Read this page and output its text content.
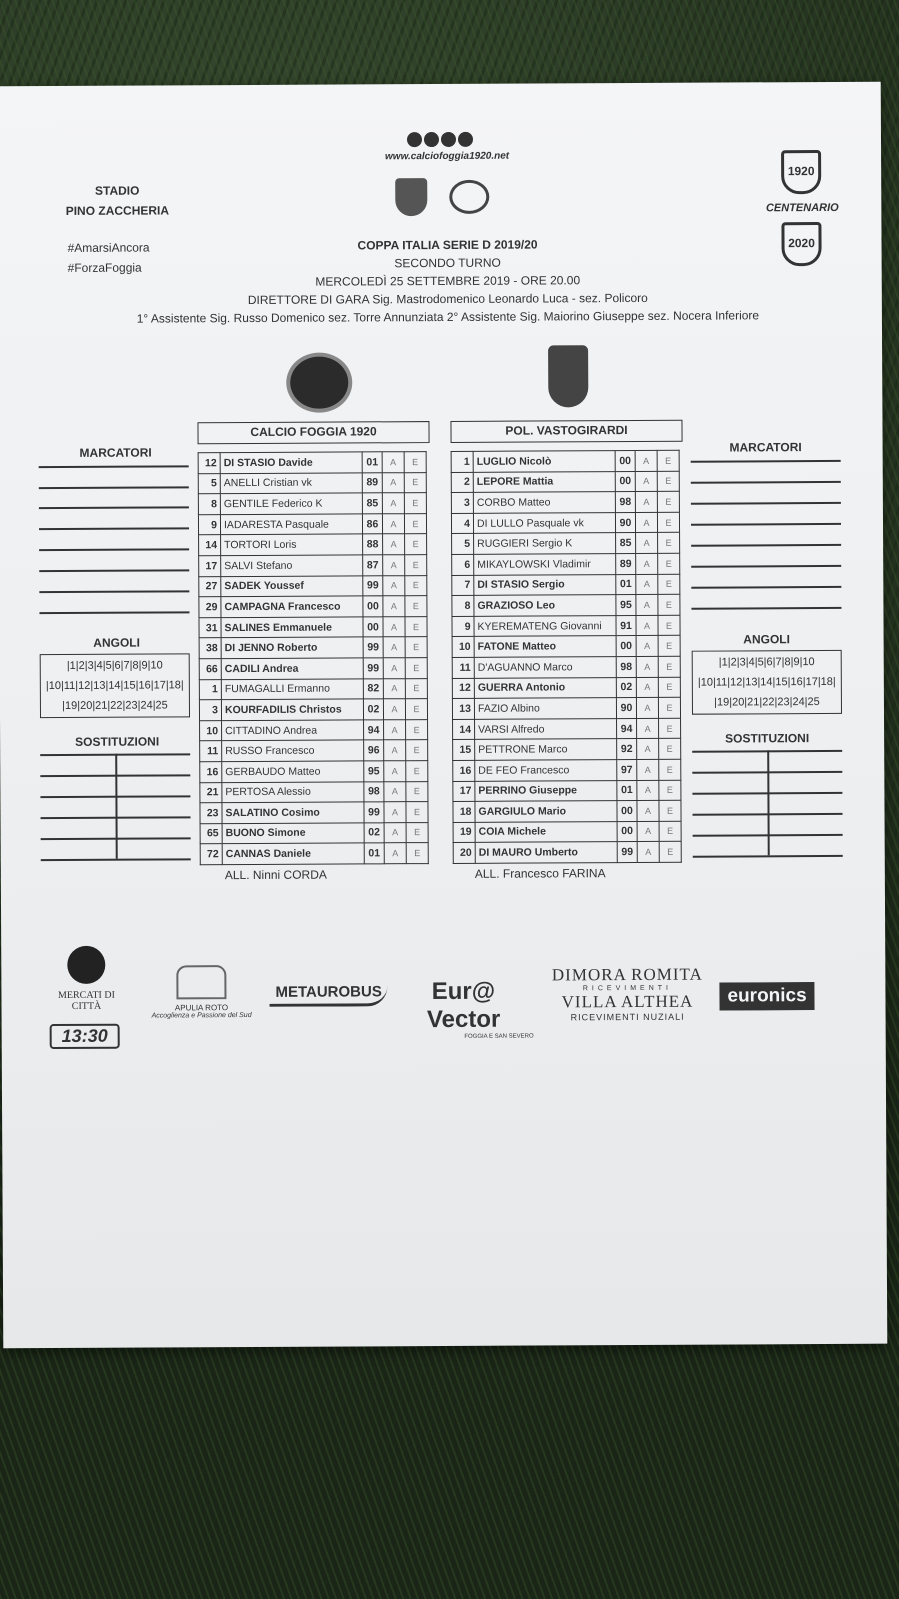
www.calciofoggia1920.net
STADIO
PINO ZACCHERIA
#AmarsiAncora
#ForzaFoggia
1920
CENTENARIO
2020
COPPA ITALIA SERIE D 2019/20
SECONDO TURNO
MERCOLEDÌ 25 SETTEMBRE 2019 - ORE 20.00
DIRETTORE DI GARA Sig. Mastrodomenico Leonardo Luca - sez. Policoro
1° Assistente Sig. Russo Domenico sez. Torre Annunziata 2° Assistente Sig. Maiorino Giuseppe sez. Nocera Inferiore
CALCIO FOGGIA 1920	POL. VASTOGIRARDI
12	DI STASIO Davide	01	A	E
5	ANELLI Cristian vk	89	A	E
8	GENTILE Federico K	85	A	E
9	IADARESTA Pasquale	86	A	E
14	TORTORI Loris	88	A	E
17	SALVI Stefano	87	A	E
27	SADEK Youssef	99	A	E
29	CAMPAGNA Francesco	00	A	E
31	SALINES Emmanuele	00	A	E
38	DI JENNO Roberto	99	A	E
66	CADILI Andrea	99	A	E
1	FUMAGALLI Ermanno	82	A	E
3	KOURFADILIS Christos	02	A	E
10	CITTADINO Andrea	94	A	E
11	RUSSO Francesco	96	A	E
16	GERBAUDO Matteo	95	A	E
21	PERTOSA Alessio	98	A	E
23	SALATINO Cosimo	99	A	E
65	BUONO Simone	02	A	E
72	CANNAS Daniele	01	A	E
1	LUGLIO Nicolò	00	A	E
2	LEPORE Mattia	00	A	E
3	CORBO Matteo	98	A	E
4	DI LULLO Pasquale vk	90	A	E
5	RUGGIERI Sergio K	85	A	E
6	MIKAYLOWSKI Vladimir	89	A	E
7	DI STASIO Sergio	01	A	E
8	GRAZIOSO Leo	95	A	E
9	KYEREMATENG Giovanni	91	A	E
10	FATONE Matteo	00	A	E
11	D'AGUANNO Marco	98	A	E
12	GUERRA Antonio	02	A	E
13	FAZIO Albino	90	A	E
14	VARSI Alfredo	94	A	E
15	PETTRONE Marco	92	A	E
16	DE FEO Francesco	97	A	E
17	PERRINO Giuseppe	01	A	E
18	GARGIULO Mario	00	A	E
19	COIA Michele	00	A	E
20	DI MAURO Umberto	99	A	E
ALL. Ninni CORDA	ALL. Francesco FARINA
MARCATORI
ANGOLI
|1|2|3|4|5|6|7|8|9|10
|10|11|12|13|14|15|16|17|18|
|19|20|21|22|23|24|25
SOSTITUZIONI
MARCATORI
ANGOLI
|1|2|3|4|5|6|7|8|9|10
|10|11|12|13|14|15|16|17|18|
|19|20|21|22|23|24|25
SOSTITUZIONI
MERCATI DI CITTÀ
13:30
APULIA ROTO
Accoglienza e Passione del Sud
METAUROBUS	Eur@ Vector
FOGGIA E SAN SEVERO
DIMORA ROMITA
RICEVIMENTI
VILLA ALTHEA
RICEVIMENTI NUZIALI
euronics
